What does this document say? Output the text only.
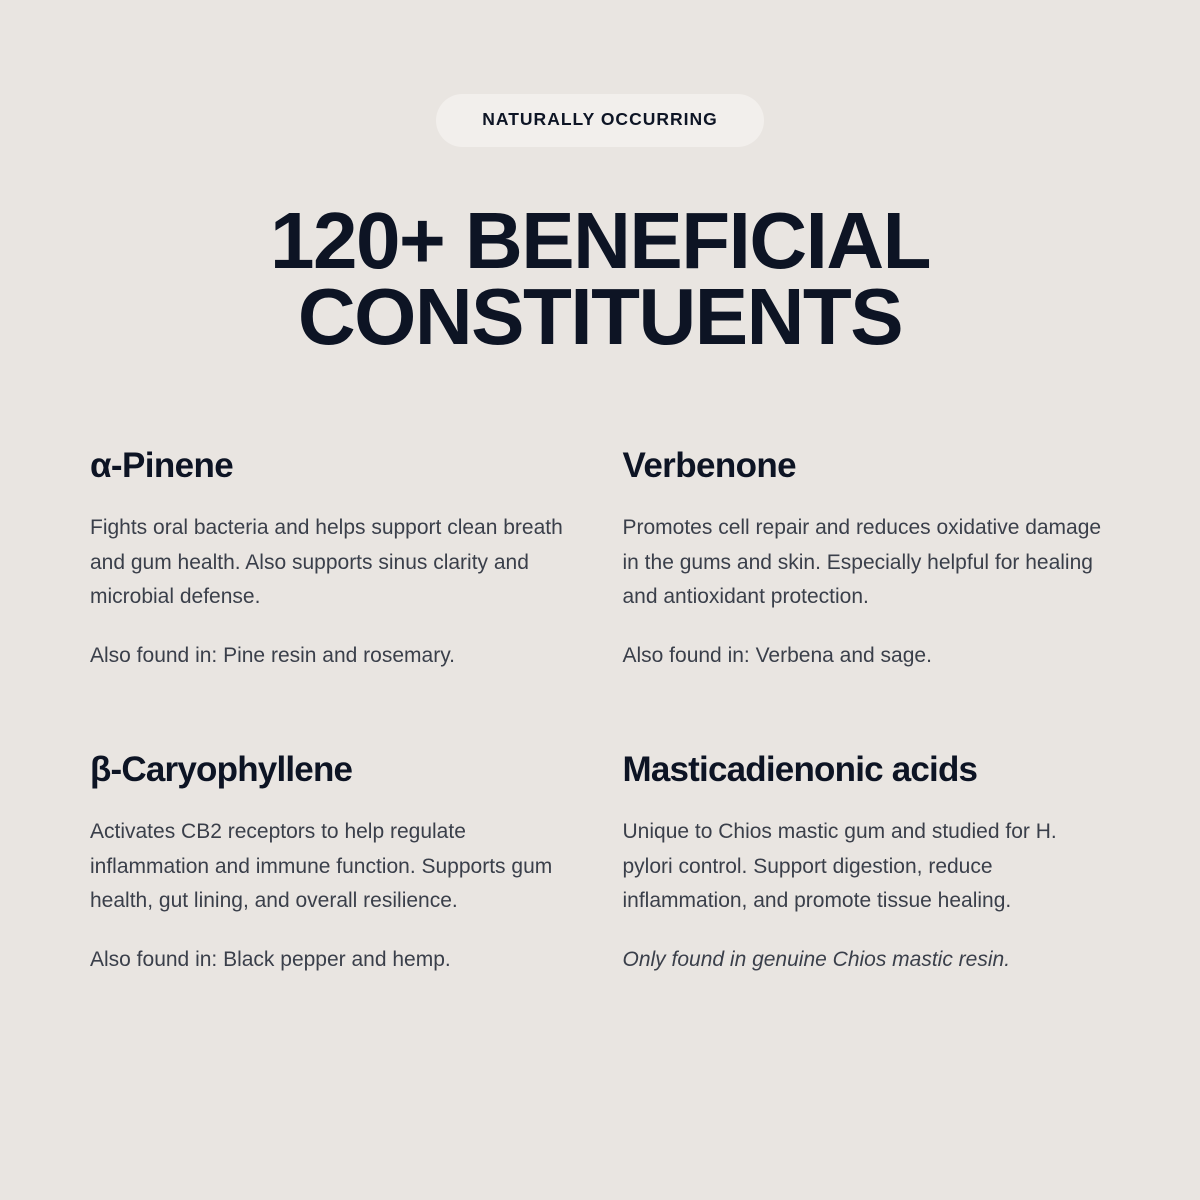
NATURALLY OCCURRING
120+ BENEFICIAL
CONSTITUENTS
α-Pinene
Fights oral bacteria and helps support clean breath and gum health. Also supports sinus clarity and microbial defense.
Also found in: Pine resin and rosemary.
Verbenone
Promotes cell repair and reduces oxidative damage in the gums and skin. Especially helpful for healing and antioxidant protection.
Also found in: Verbena and sage.
β-Caryophyllene
Activates CB2 receptors to help regulate inflammation and immune function. Supports gum health, gut lining, and overall resilience.
Also found in: Black pepper and hemp.
Masticadienonic acids
Unique to Chios mastic gum and studied for H. pylori control. Support digestion, reduce inflammation, and promote tissue healing.
Only found in genuine Chios mastic resin.
